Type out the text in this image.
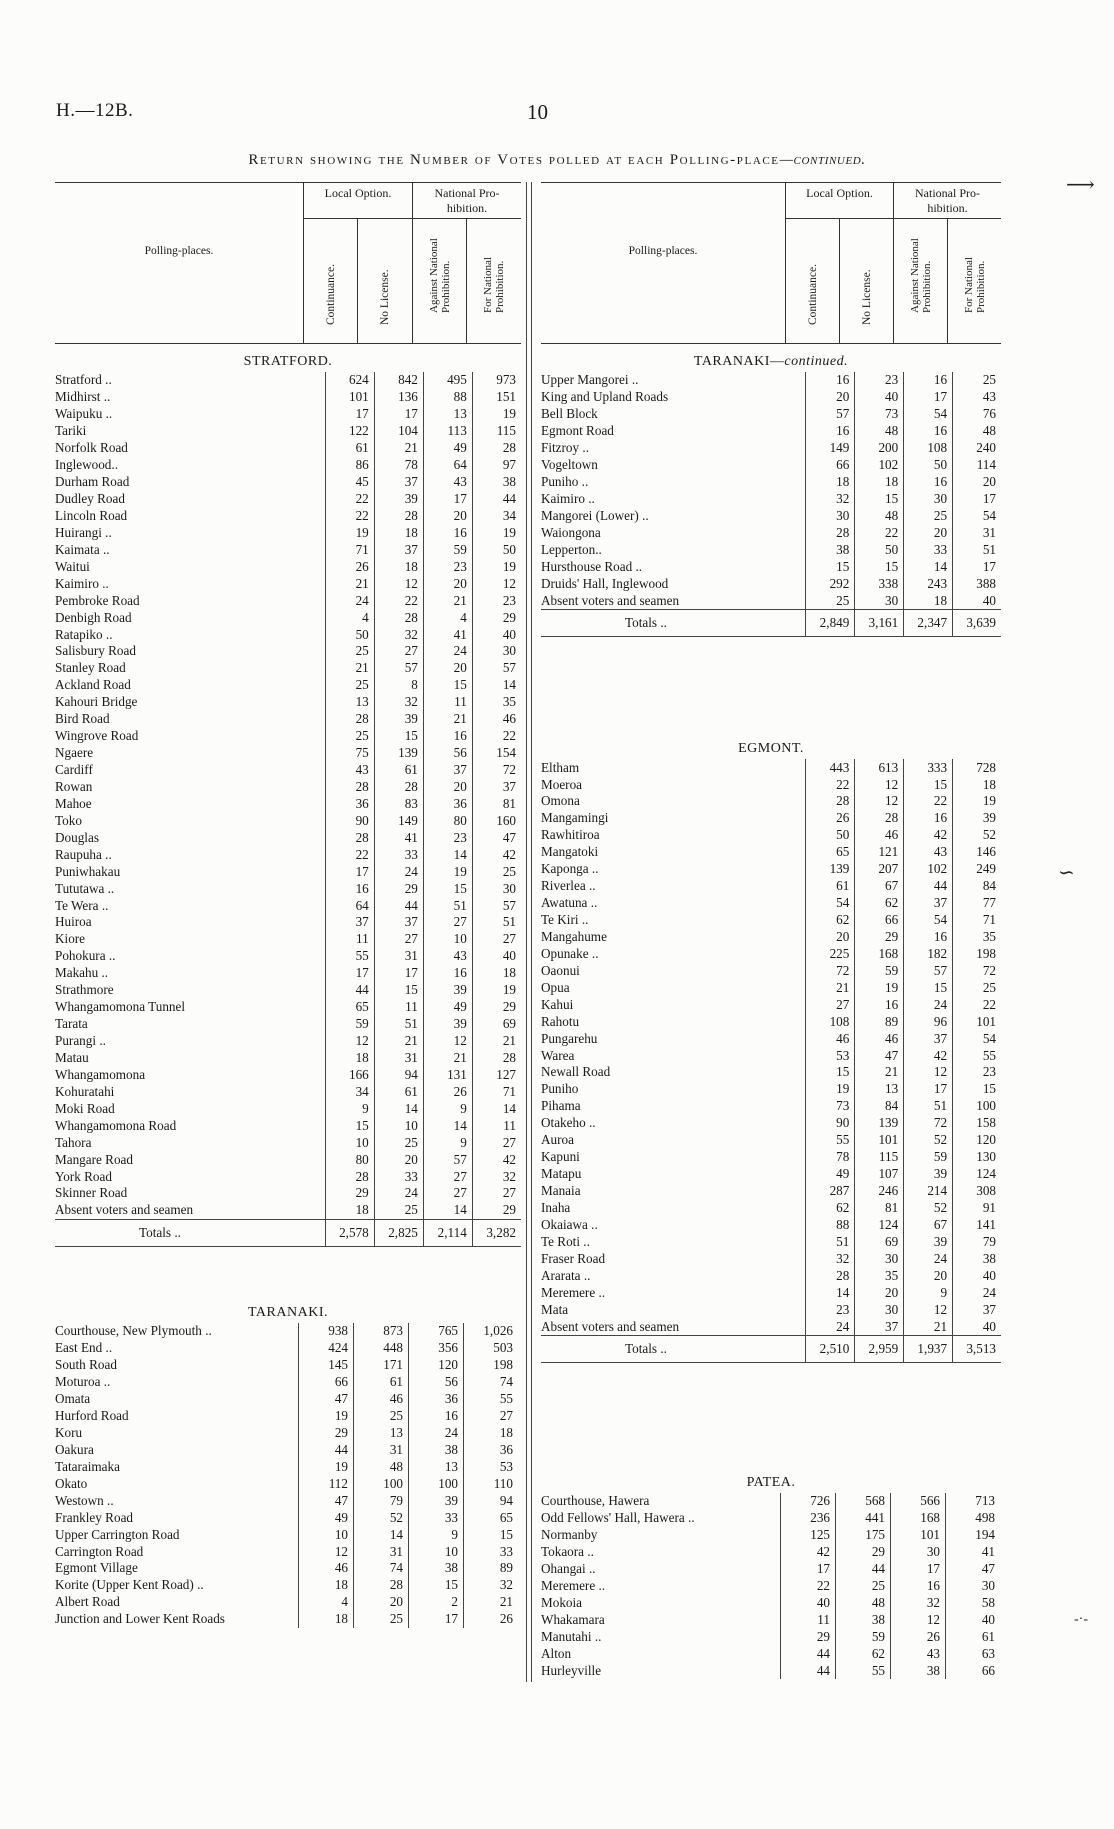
H.—12B.	10
Return showing the Number of Votes polled at each Polling-place—continued.
⟶
∽
-·-
Polling-places.
Local Option.	National Pro-
hibition.
Continuance.	No License.	Against National
Prohibition.	For National
Prohibition.
STRATFORD.
Stratford ..	624	842	495	973
Midhirst ..	101	136	88	151
Waipuku ..	17	17	13	19
Tariki	122	104	113	115
Norfolk Road	61	21	49	28
Inglewood..	86	78	64	97
Durham Road	45	37	43	38
Dudley Road	22	39	17	44
Lincoln Road	22	28	20	34
Huirangi ..	19	18	16	19
Kaimata ..	71	37	59	50
Waitui	26	18	23	19
Kaimiro ..	21	12	20	12
Pembroke Road	24	22	21	23
Denbigh Road	4	28	4	29
Ratapiko ..	50	32	41	40
Salisbury Road	25	27	24	30
Stanley Road	21	57	20	57
Ackland Road	25	8	15	14
Kahouri Bridge	13	32	11	35
Bird Road	28	39	21	46
Wingrove Road	25	15	16	22
Ngaere	75	139	56	154
Cardiff	43	61	37	72
Rowan	28	28	20	37
Mahoe	36	83	36	81
Toko	90	149	80	160
Douglas	28	41	23	47
Raupuha ..	22	33	14	42
Puniwhakau	17	24	19	25
Tututawa ..	16	29	15	30
Te Wera ..	64	44	51	57
Huiroa	37	37	27	51
Kiore	11	27	10	27
Pohokura ..	55	31	43	40
Makahu ..	17	17	16	18
Strathmore	44	15	39	19
Whangamomona Tunnel	65	11	49	29
Tarata	59	51	39	69
Purangi ..	12	21	12	21
Matau	18	31	21	28
Whangamomona	166	94	131	127
Kohuratahi	34	61	26	71
Moki Road	9	14	9	14
Whangamomona Road	15	10	14	11
Tahora	10	25	9	27
Mangare Road	80	20	57	42
York Road	28	33	27	32
Skinner Road	29	24	27	27
Absent voters and seamen	18	25	14	29
Totals ..	2,578	2,825	2,114	3,282
TARANAKI.
Courthouse, New Plymouth ..	938	873	765	1,026
East End ..	424	448	356	503
South Road	145	171	120	198
Moturoa ..	66	61	56	74
Omata	47	46	36	55
Hurford Road	19	25	16	27
Koru	29	13	24	18
Oakura	44	31	38	36
Tataraimaka	19	48	13	53
Okato	112	100	100	110
Westown ..	47	79	39	94
Frankley Road	49	52	33	65
Upper Carrington Road	10	14	9	15
Carrington Road	12	31	10	33
Egmont Village	46	74	38	89
Korite (Upper Kent Road) ..	18	28	15	32
Albert Road	4	20	2	21
Junction and Lower Kent Roads	18	25	17	26
Polling-places.
Local Option.	National Pro-
hibition.
Continuance.	No License.	Against National
Prohibition.	For National
Prohibition.
TARANAKI—continued.
Upper Mangorei ..	16	23	16	25
King and Upland Roads	20	40	17	43
Bell Block	57	73	54	76
Egmont Road	16	48	16	48
Fitzroy ..	149	200	108	240
Vogeltown	66	102	50	114
Puniho ..	18	18	16	20
Kaimiro ..	32	15	30	17
Mangorei (Lower) ..	30	48	25	54
Waiongona	28	22	20	31
Lepperton..	38	50	33	51
Hursthouse Road ..	15	15	14	17
Druids' Hall, Inglewood	292	338	243	388
Absent voters and seamen	25	30	18	40
Totals ..	2,849	3,161	2,347	3,639
EGMONT.
Eltham	443	613	333	728
Moeroa	22	12	15	18
Omona	28	12	22	19
Mangamingi	26	28	16	39
Rawhitiroa	50	46	42	52
Mangatoki	65	121	43	146
Kaponga ..	139	207	102	249
Riverlea ..	61	67	44	84
Awatuna ..	54	62	37	77
Te Kiri ..	62	66	54	71
Mangahume	20	29	16	35
Opunake ..	225	168	182	198
Oaonui	72	59	57	72
Opua	21	19	15	25
Kahui	27	16	24	22
Rahotu	108	89	96	101
Pungarehu	46	46	37	54
Warea	53	47	42	55
Newall Road	15	21	12	23
Puniho	19	13	17	15
Pihama	73	84	51	100
Otakeho ..	90	139	72	158
Auroa	55	101	52	120
Kapuni	78	115	59	130
Matapu	49	107	39	124
Manaia	287	246	214	308
Inaha	62	81	52	91
Okaiawa ..	88	124	67	141
Te Roti ..	51	69	39	79
Fraser Road	32	30	24	38
Ararata ..	28	35	20	40
Meremere ..	14	20	9	24
Mata	23	30	12	37
Absent voters and seamen	24	37	21	40
Totals ..	2,510	2,959	1,937	3,513
PATEA.
Courthouse, Hawera	726	568	566	713
Odd Fellows' Hall, Hawera ..	236	441	168	498
Normanby	125	175	101	194
Tokaora ..	42	29	30	41
Ohangai ..	17	44	17	47
Meremere ..	22	25	16	30
Mokoia	40	48	32	58
Whakamara	11	38	12	40
Manutahi ..	29	59	26	61
Alton	44	62	43	63
Hurleyville	44	55	38	66
